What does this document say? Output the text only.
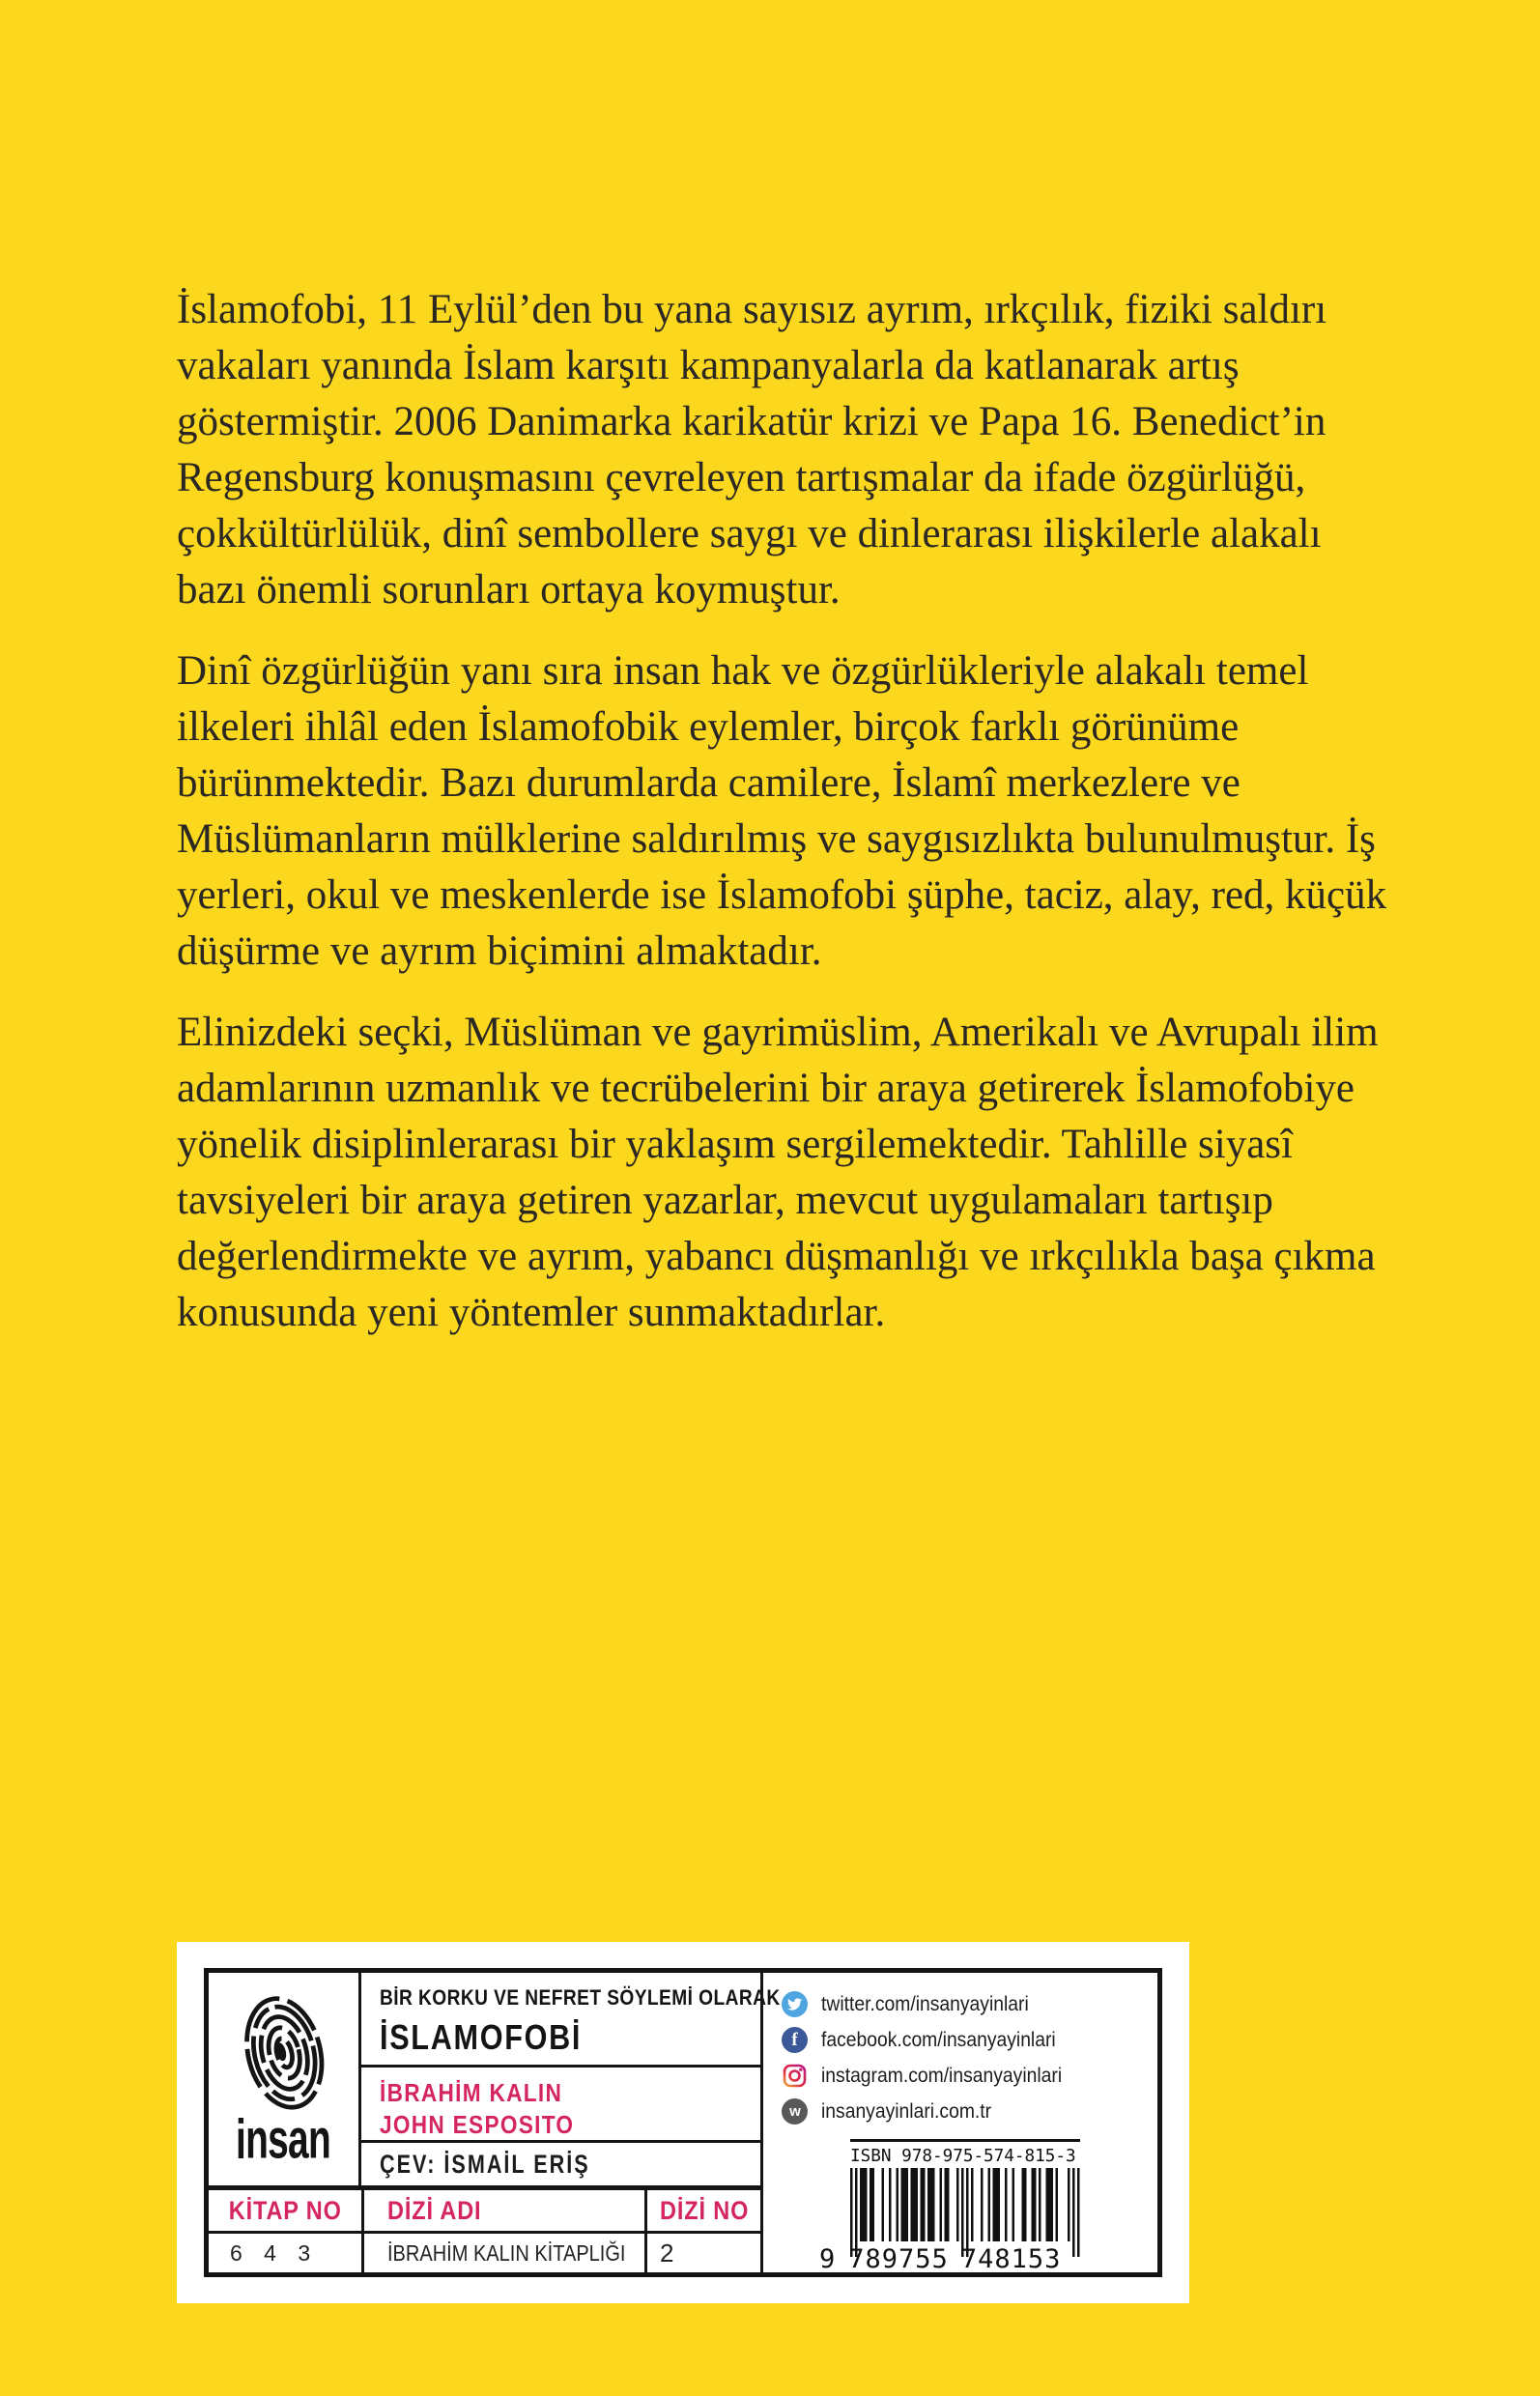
İslamofobi, 11 Eylül’den bu yana sayısız ayrım, ırkçılık, fiziki saldırı vakaları yanında İslam karşıtı kampanyalarla da katlanarak artış göstermiştir. 2006 Danimarka karikatür krizi ve Papa 16. Benedict’in Regensburg konuşmasını çevreleyen tartışmalar da ifade özgürlüğü, çokkültürlülük, dinî sembollere saygı ve dinlerarası ilişkilerle alakalı bazı önemli sorunları ortaya koymuştur.

Dinî özgürlüğün yanı sıra insan hak ve özgürlükleriyle alakalı temel ilkeleri ihlâl eden İslamofobik eylemler, birçok farklı görünüme bürünmektedir. Bazı durumlarda camilere, İslamî merkezlere ve Müslümanların mülklerine saldırılmış ve saygısızlıkta bulunulmuştur. İş yerleri, okul ve meskenlerde ise İslamofobi şüphe, taciz, alay, red, küçük düşürme ve ayrım biçimini almaktadır.

Elinizdeki seçki, Müslüman ve gayrimüslim, Amerikalı ve Avrupalı ilim adamlarının uzmanlık ve tecrübelerini bir araya getirerek İslamofobiye yönelik disiplinlerarası bir yaklaşım sergilemektedir. Tahlille siyasî tavsiyeleri bir araya getiren yazarlar, mevcut uygulamaları tartışıp değerlendirmekte ve ayrım, yabancı düşmanlığı ve ırkçılıkla başa çıkma konusunda yeni yöntemler sunmaktadırlar.

insan
BİR KORKU VE NEFRET SÖYLEMİ OLARAK
İSLAMOFOBİ
İBRAHİM KALIN
JOHN ESPOSITO
ÇEV: İSMAİL ERİŞ
KİTAP NO DİZİ ADI	DİZİ NO
6 4 3	İBRAHİM KALIN KİTAPLIĞI 2
twitter.com/insanyayinlari
f
facebook.com/insanyayinlari
instagram.com/insanyayinlari
w
insanyayinlari.com.tr
ISBN 978-975-574-815-3
9 789755 748153
